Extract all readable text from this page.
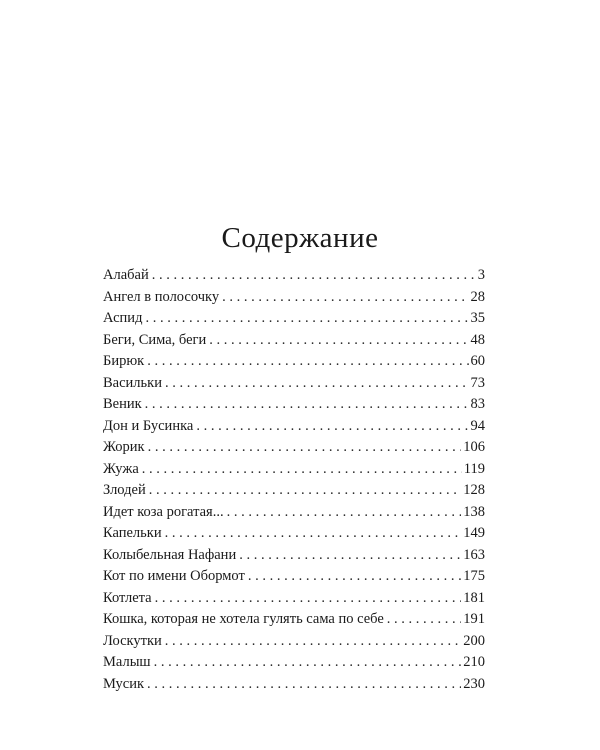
Содержание
Алабай . . .	3
Ангел в полосочку . . .	28
Аспид . . .	35
Беги, Сима, беги . . .	48
Бирюк . . .	60
Васильки . . .	73
Веник . . .	83
Дон и Бусинка . . .	94
Жорик . . .	106
Жужа . . .	119
Злодей . . .	128
Идет коза рогатая... . . .	138
Капельки . . .	149
Колыбельная Нафани . . .	163
Кот по имени Обормот . . .	175
Котлета . . .	181
Кошка, которая не хотела гулять сама по себе . . .	191
Лоскутки . . .	200
Малыш . . .	210
Мусик . . .	230
